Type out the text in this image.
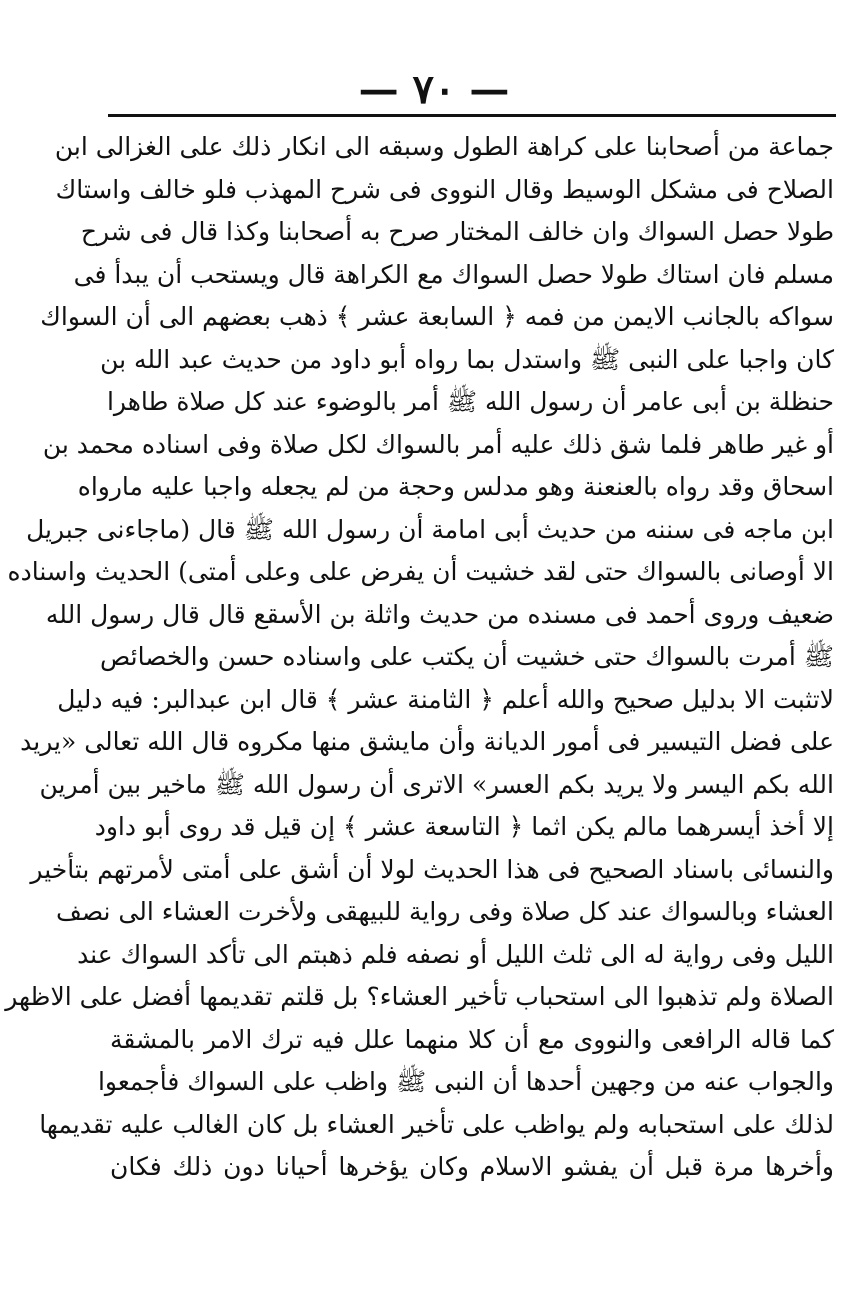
— ٧٠ —
جماعة من أصحابنا على كراهة الطول وسبقه الى انكار ذلك على الغزالى ابن
الصلاح فى مشكل الوسيط وقال النووى فى شرح المهذب فلو خالف واستاك
طولا حصل السواك وان خالف المختار صرح به أصحابنا وكذا قال فى شرح
مسلم فان استاك طولا حصل السواك مع الكراهة قال ويستحب أن يبدأ فى
سواكه بالجانب الايمن من فمه ﴿ السابعة عشر ﴾ ذهب بعضهم الى أن السواك
كان واجبا على النبى ﷺ واستدل بما رواه أبو داود من حديث عبد الله بن
حنظلة بن أبى عامر أن رسول الله ﷺ أمر بالوضوء عند كل صلاة طاهرا
أو غير طاهر فلما شق ذلك عليه أمر بالسواك لكل صلاة وفى اسناده محمد بن
اسحاق وقد رواه بالعنعنة وهو مدلس وحجة من لم يجعله واجبا عليه مارواه
ابن ماجه فى سننه من حديث أبى امامة أن رسول الله ﷺ قال (ماجاءنى جبريل
الا أوصانى بالسواك حتى لقد خشيت أن يفرض على وعلى أمتى) الحديث واسناده
ضعيف وروى أحمد فى مسنده من حديث واثلة بن الأسقع قال قال رسول الله
ﷺ أمرت بالسواك حتى خشيت أن يكتب على واسناده حسن والخصائص
لاتثبت الا بدليل صحيح والله أعلم ﴿ الثامنة عشر ﴾ قال ابن عبدالبر: فيه دليل
على فضل التيسير فى أمور الديانة وأن مايشق منها مكروه قال الله تعالى «يريد
الله بكم اليسر ولا يريد بكم العسر» الاترى أن رسول الله ﷺ ماخير بين أمرين
إلا أخذ أيسرهما مالم يكن اثما ﴿ التاسعة عشر ﴾ إن قيل قد روى أبو داود
والنسائى باسناد الصحيح فى هذا الحديث لولا أن أشق على أمتى لأمرتهم بتأخير
العشاء وبالسواك عند كل صلاة وفى رواية للبيهقى ولأخرت العشاء الى نصف
الليل وفى رواية له الى ثلث الليل أو نصفه فلم ذهبتم الى تأكد السواك عند
الصلاة ولم تذهبوا الى استحباب تأخير العشاء؟ بل قلتم تقديمها أفضل على الاظهر
كما قاله الرافعى والنووى مع أن كلا منهما علل فيه ترك الامر بالمشقة
والجواب عنه من وجهين أحدها أن النبى ﷺ واظب على السواك فأجمعوا
لذلك على استحبابه ولم يواظب على تأخير العشاء بل كان الغالب عليه تقديمها
وأخرها مرة قبل أن يفشو الاسلام وكان يؤخرها أحيانا دون ذلك فكان
